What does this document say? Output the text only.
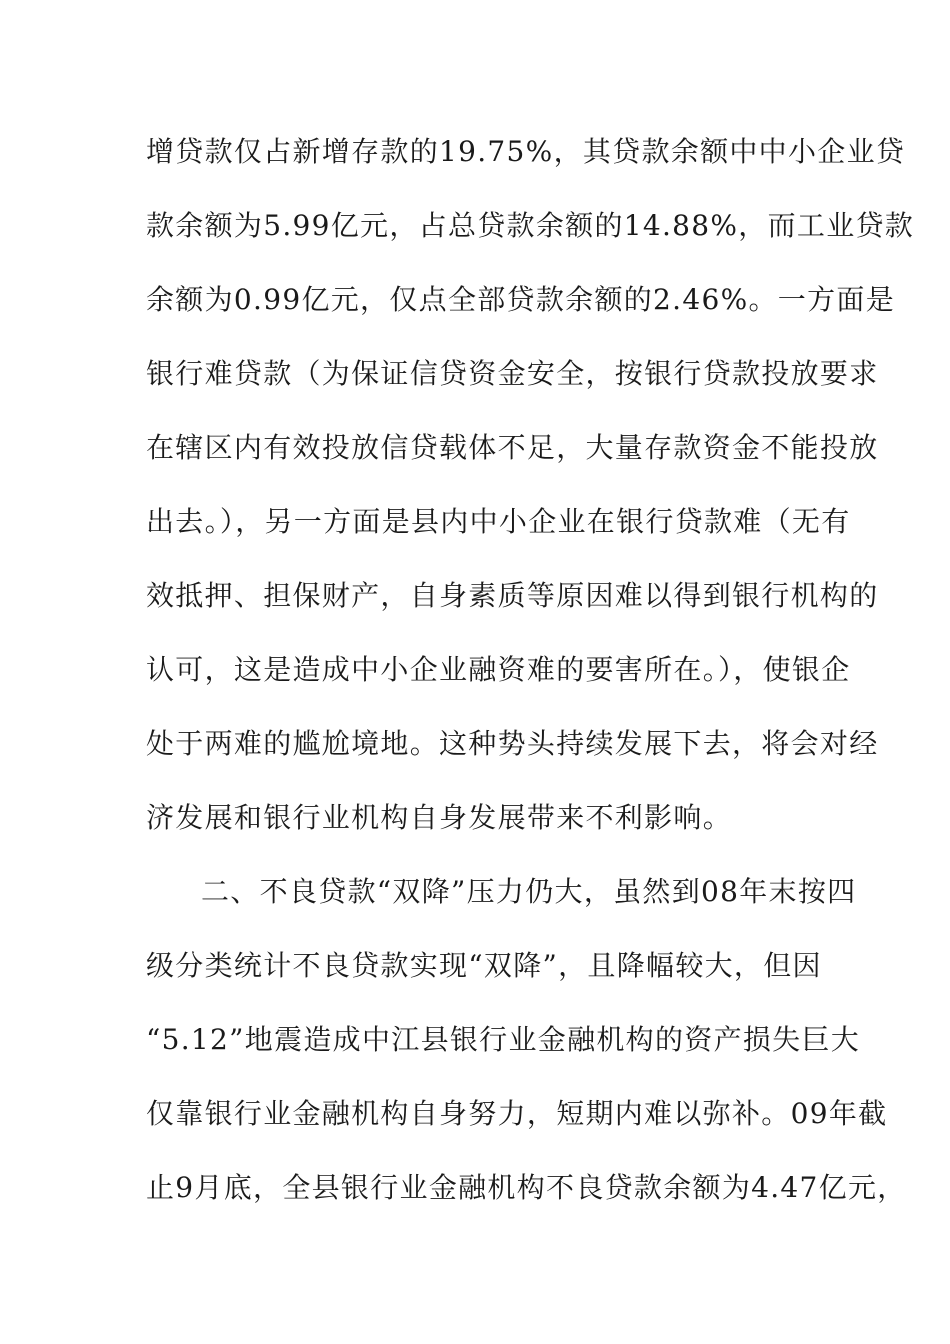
增贷款仅占新增存款的19.75%，其贷款余额中中小企业贷
款余额为5.99亿元，占总贷款余额的14.88%，而工业贷款
余额为0.99亿元，仅点全部贷款余额的2.46%。一方面是
银行难贷款（为保证信贷资金安全，按银行贷款投放要求
在辖区内有效投放信贷载体不足，大量存款资金不能投放
出去。），另一方面是县内中小企业在银行贷款难（无有
效抵押、担保财产，自身素质等原因难以得到银行机构的
认可，这是造成中小企业融资难的要害所在。），使银企
处于两难的尴尬境地。这种势头持续发展下去，将会对经
济发展和银行业机构自身发展带来不利影响。
二、不良贷款“双降”压力仍大，虽然到08年末按四
级分类统计不良贷款实现“双降”，且降幅较大，但因
“5.12”地震造成中江县银行业金融机构的资产损失巨大
仅靠银行业金融机构自身努力，短期内难以弥补。09年截
止9月底，全县银行业金融机构不良贷款余额为4.47亿元，
